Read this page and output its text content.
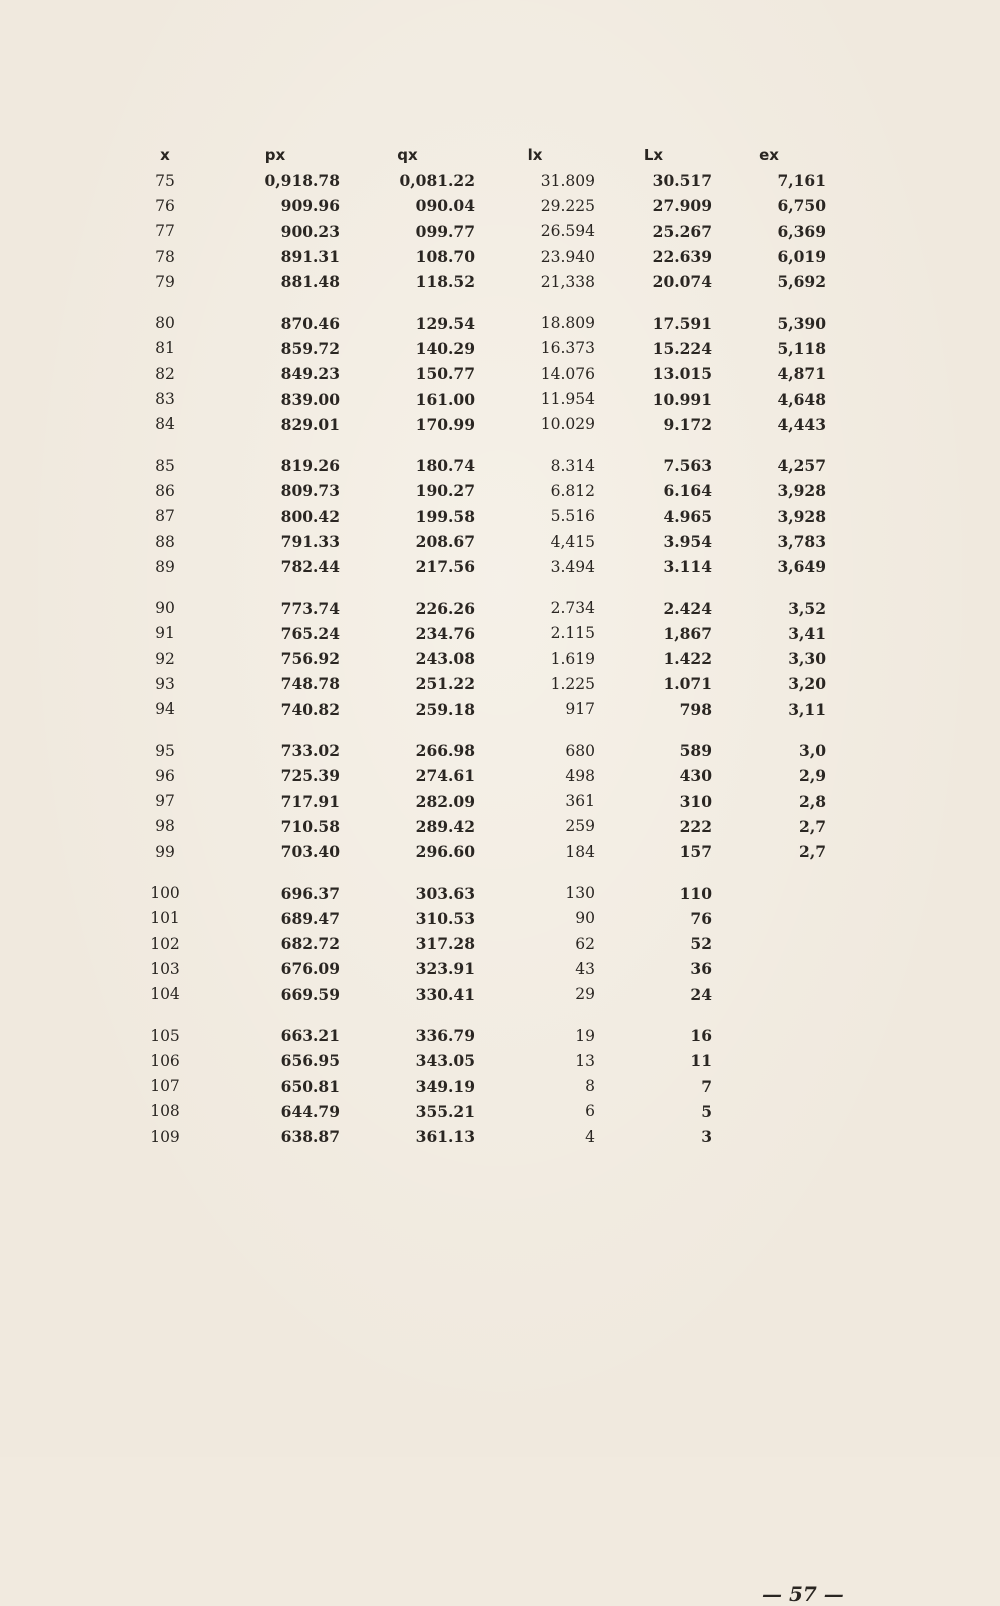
x	px	qx	lx	Lx	ex
75	0,918.78	0,081.22	31.809	30.517	7,161
76	909.96	090.04	29.225	27.909	6,750
77	900.23	099.77	26.594	25.267	6,369
78	891.31	108.70	23.940	22.639	6,019
79	881.48	118.52	21,338	20.074	5,692

80	870.46	129.54	18.809	17.591	5,390
81	859.72	140.29	16.373	15.224	5,118
82	849.23	150.77	14.076	13.015	4,871
83	839.00	161.00	11.954	10.991	4,648
84	829.01	170.99	10.029	9.172	4,443

85	819.26	180.74	8.314	7.563	4,257
86	809.73	190.27	6.812	6.164	3,928
87	800.42	199.58	5.516	4.965	3,928
88	791.33	208.67	4,415	3.954	3,783
89	782.44	217.56	3.494	3.114	3,649

90	773.74	226.26	2.734	2.424	3,52
91	765.24	234.76	2.115	1,867	3,41
92	756.92	243.08	1.619	1.422	3,30
93	748.78	251.22	1.225	1.071	3,20
94	740.82	259.18	917	798	3,11

95	733.02	266.98	680	589	3,0
96	725.39	274.61	498	430	2,9
97	717.91	282.09	361	310	2,8
98	710.58	289.42	259	222	2,7
99	703.40	296.60	184	157	2,7

100	696.37	303.63	130	110	
101	689.47	310.53	90	76	
102	682.72	317.28	62	52	
103	676.09	323.91	43	36	
104	669.59	330.41	29	24	

105	663.21	336.79	19	16	
106	656.95	343.05	13	11	
107	650.81	349.19	8	7	
108	644.79	355.21	6	5	
109	638.87	361.13	4	3	
— 57 —
